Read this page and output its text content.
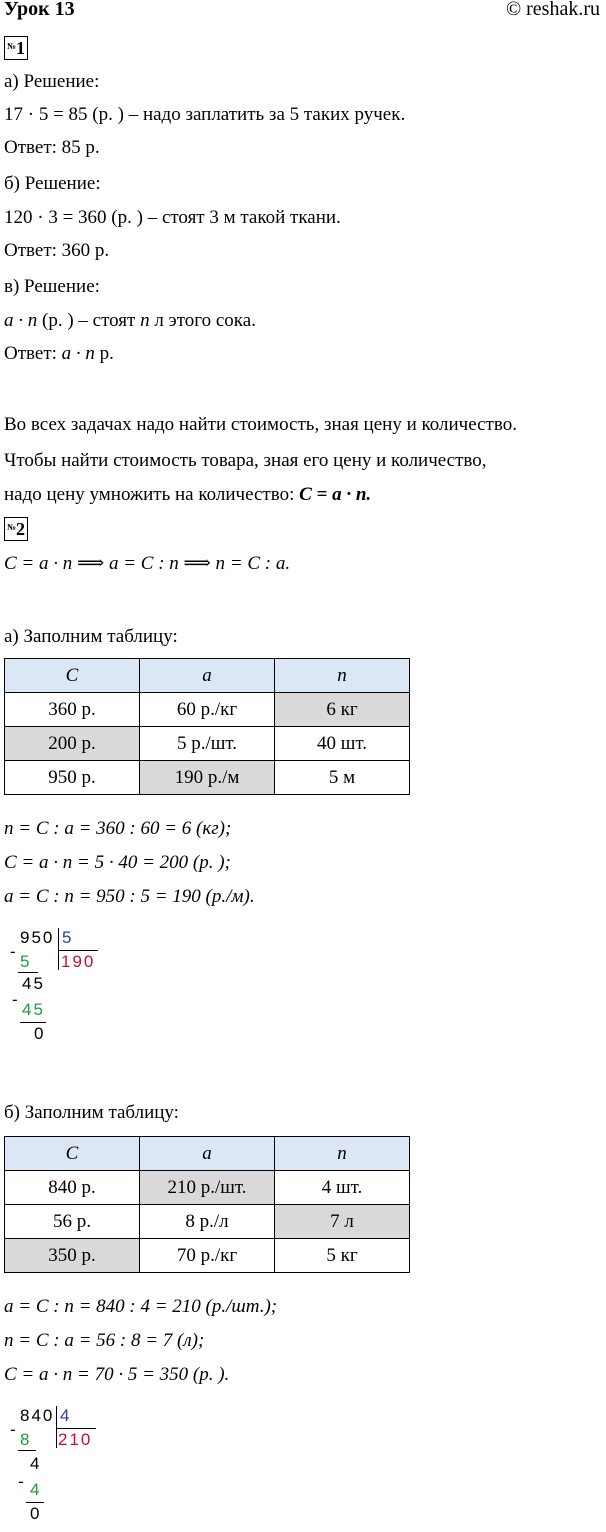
Урок 13	© reshak.ru
№ 1
а) Решение:
17 · 5 = 85 (р. ) – надо заплатить за 5 таких ручек.
Ответ: 85 р.
б) Решение:
120 · 3 = 360 (р. ) – стоят 3 м такой ткани.
Ответ: 360 р.
в) Решение:
a · n (р. ) – стоят n л этого сока.
Ответ: a · n р.
Во всех задачах надо найти стоимость, зная цену и количество.
Чтобы найти стоимость товара, зная его цену и количество,
надо цену умножить на количество: C = a · n.
№ 2
C = a · n ⟹ a = C : n ⟹ n = C : a.
а) Заполним таблицу:
C	a	n
360 р.	60 р./кг	6 кг
200 р.	5 р./шт.	40 шт.
950 р.	190 р./м	5 м
n = C : a = 360 : 60 = 6 (кг);
C = a · n = 5 · 40 = 200 (р. );
a = C : n = 950 : 5 = 190 (р./м).
950 5
190
-
5
45
-
45
0
б) Заполним таблицу:
C	a	n
840 р.	210 р./шт.	4 шт.
56 р.	8 р./л	7 л
350 р.	70 р./кг	5 кг
a = C : n = 840 : 4 = 210 (р./шт.);
n = C : a = 56 : 8 = 7 (л);
C = a · n = 70 · 5 = 350 (р. ).
840 4
210
-
8
4
- 4
0
